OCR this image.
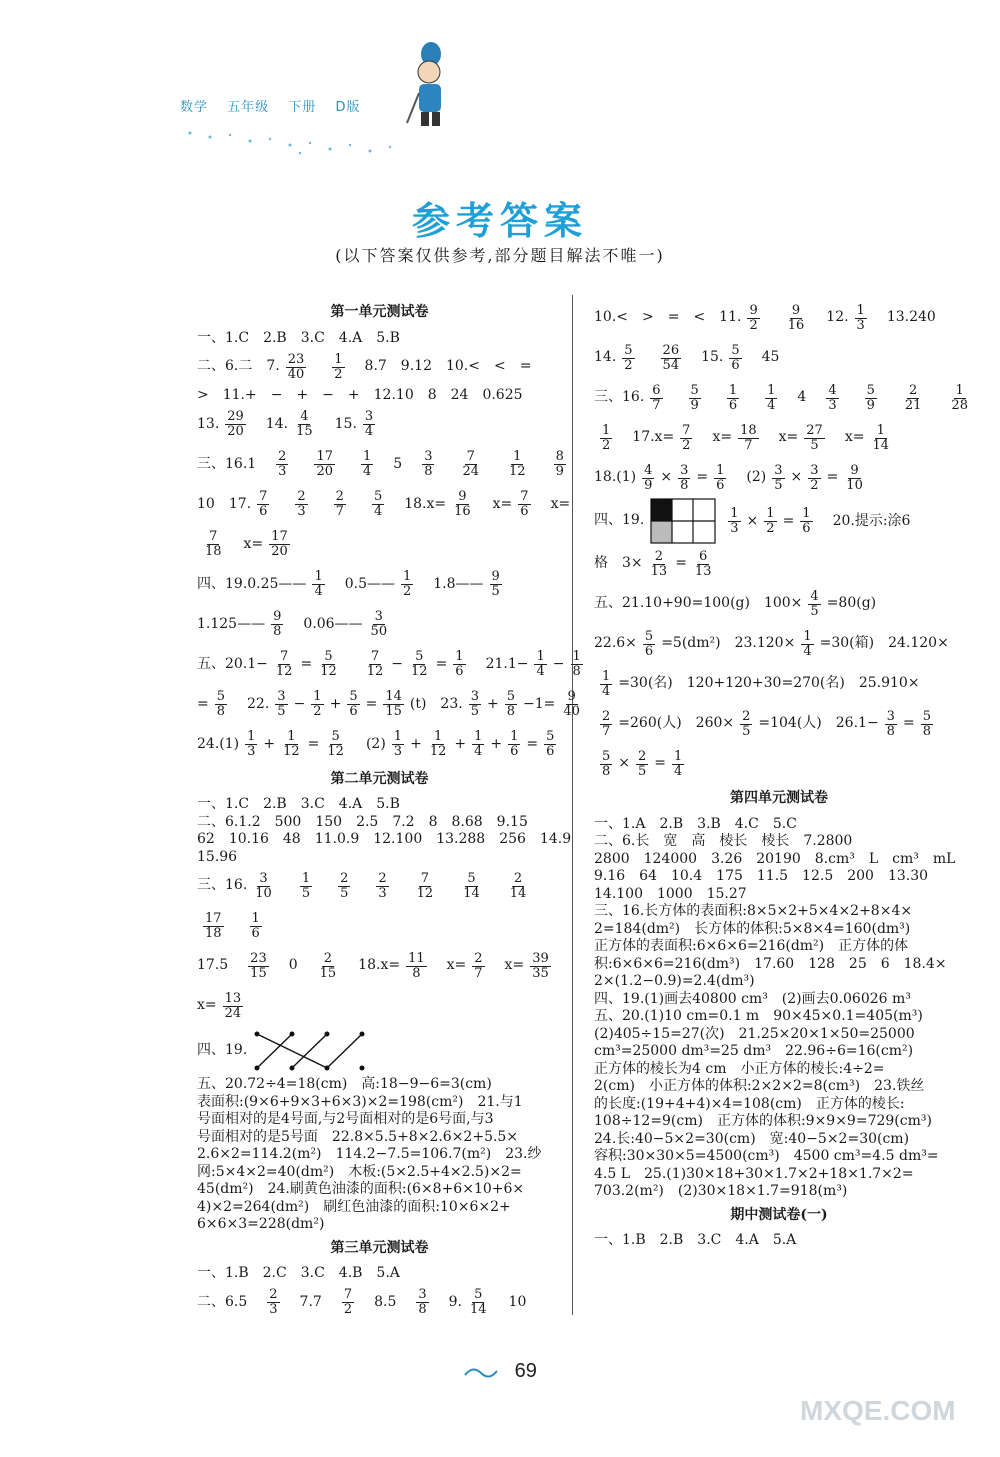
数学 五年级 下册 D版
参考答案
(以下答案仅供参考,部分题目解法不唯一)
第一单元测试卷

一、1.C　2.B　3.C　4.A　5.B

二、6.二　7. $\frac{23}{40}$
　 $\frac{1}{2}$ 　8.7　9.12　10.<　<　=

>　11.+　−　+　−　+　12.10　8　24　0.625

13. $\frac{29}{20}$ 　14. $\frac{4}{15}$ 　15. $\frac{3}{4}$

三、16.1　 $\frac{2}{3}$
　 $\frac{17}{20}$
　 $\frac{1}{4}$ 　5　 $\frac{3}{8}$
　 $\frac{7}{24}$
　 $\frac{1}{12}$
　 $\frac{8}{9}$

10　17. $\frac{7}{6}$
　 $\frac{2}{3}$
　 $\frac{2}{7}$
　 $\frac{5}{4}$ 　$18.x= \frac{9}{16}$ 　$x= \frac{7}{6}$ 　x=

$\frac{7}{18}$ 　$x= \frac{17}{20}$

四、19.0.25—— $\frac{1}{4}$ 　0.5—— $\frac{1}{2}$ 　1.8—— $\frac{9}{5}$

1.125—— $\frac{9}{8}$ 　0.06—— $\frac{3}{50}$

五、$20.1- \frac{7}{12} = \frac{5}{12}$
　 $\frac{7}{12} - \frac{5}{12} = \frac{1}{6}$ 　$21.1- \frac{1}{4} - \frac{1}{8}$

= $\frac{5}{8}$ 　22. $\frac{3}{5} - \frac{1}{2} + \frac{5}{6} = \frac{14}{15} (t)$　23. $\frac{3}{5} + \frac{5}{8} -1= \frac{9}{40}$

$24.(1) \frac{1}{3} + \frac{1}{12} = \frac{5}{12}$ 　$(2) \frac{1}{3} + \frac{1}{12} + \frac{1}{4} + \frac{1}{6} = \frac{5}{6}$

第二单元测试卷

一、1.C　2.B　3.C　4.A　5.B

二、6.1.2　500　150　2.5　7.2　8　8.68　9.15

62　10.16　48　11.0.9　12.100　13.288　256　14.9

15.96

三、16. $\frac{3}{10}$
　 $\frac{1}{5}$
　 $\frac{2}{5}$
　 $\frac{2}{3}$
　 $\frac{7}{12}$
　 $\frac{5}{14}$
　 $\frac{2}{14}$

$\frac{17}{18}$
　 $\frac{1}{6}$

17.5　 $\frac{23}{15}$ 　0　 $\frac{2}{15}$ 　$18.x= \frac{11}{8}$ 　$x= \frac{2}{7}$ 　$x= \frac{39}{35}$

$x= \frac{13}{24}$

四、19.

五、20.72÷4=18(cm)　高:18−9−6=3(cm)

表面积:(9×6+9×3+6×3)×2=198(cm²)　21.与1

号面相对的是4号面,与2号面相对的是6号面,与3

号面相对的是5号面　22.8×5.5+8×2.6×2+5.5×

2.6×2=114.2(m²)　114.2−7.5=106.7(m²)　23.纱

网:5×4×2=40(dm²)　木板:(5×2.5+4×2.5)×2=

45(dm²)　24.刷黄色油漆的面积:(6×8+6×10+6×

4)×2=264(dm²)　刷红色油漆的面积:10×6×2+

6×6×3=228(dm²)

第三单元测试卷

一、1.B　2.C　3.C　4.B　5.A

二、6.5　 $\frac{2}{3}$ 　7.7　 $\frac{7}{2}$ 　8.5　 $\frac{3}{8}$ 　9. $\frac{5}{14}$ 　10

10.<　>　=　<　11. $\frac{9}{2}$
　 $\frac{9}{16}$ 　12. $\frac{1}{3}$ 　13.240

14. $\frac{5}{2}$
　 $\frac{26}{54}$ 　15. $\frac{5}{6}$ 　45

三、16. $\frac{6}{7}$
　 $\frac{5}{9}$
　 $\frac{1}{6}$
　 $\frac{1}{4}$ 　4　 $\frac{4}{3}$
　 $\frac{5}{9}$
　 $\frac{2}{21}$
　 $\frac{1}{28}$

$\frac{1}{2}$ 　$17.x= \frac{7}{2}$ 　$x= \frac{18}{7}$ 　$x= \frac{27}{5}$ 　$x= \frac{1}{14}$

$18.(1) \frac{4}{9} \times \frac{3}{8} = \frac{1}{6}$ 　$(2) \frac{3}{5} \times \frac{3}{2} = \frac{9}{10}$

四、19.	$\frac{1}{3} \times \frac{1}{2} = \frac{1}{6}$ 　20.提示:涂6

格　$3\times \frac{2}{13} = \frac{6}{13}$

五、21.10+90=100(g)　$100\times \frac{4}{5} =80(g)$

$22.6\times \frac{5}{6} =5(dm^2)$　$23.120\times \frac{1}{4} =30$(箱)　24.120×

$\frac{1}{4} =30$(名)　120+120+30=270(名)　25.910×

$\frac{2}{7} =260$(人)　$260\times \frac{2}{5} =104$(人)　$26.1- \frac{3}{8} = \frac{5}{8}$

$\frac{5}{8} \times \frac{2}{5} = \frac{1}{4}$

第四单元测试卷

一、1.A　2.B　3.B　4.C　5.C

二、6.长　宽　高　棱长　棱长　7.2800

2800　124000　3.26　20190　8.cm³　L　cm³　mL

9.16　64　10.4　175　11.5　12.5　200　13.30

14.100　1000　15.27

三、16.长方体的表面积:8×5×2+5×4×2+8×4×

2=184(dm²)　长方体的体积:5×8×4=160(dm³)

正方体的表面积:6×6×6=216(dm²)　正方体的体

积:6×6×6=216(dm³)　17.60　128　25　6　18.4×

2×(1.2−0.9)=2.4(dm³)

四、19.(1)画去40800 cm³　(2)画去0.06026 m³

五、20.(1)10 cm=0.1 m　90×45×0.1=405(m³)

(2)405÷15=27(次)　21.25×20×1×50=25000

cm³=25000 dm³=25 dm³　22.96÷6=16(cm²)

正方体的棱长为4 cm　小正方体的棱长:4÷2=

2(cm)　小正方体的体积:2×2×2=8(cm³)　23.铁丝

的长度:(19+4+4)×4=108(cm)　正方体的棱长:

108÷12=9(cm)　正方体的体积:9×9×9=729(cm³)

24.长:40−5×2=30(cm)　宽:40−5×2=30(cm)

容积:30×30×5=4500(cm³)　4500 cm³=4.5 dm³=

4.5 L　25.(1)30×18+30×1.7×2+18×1.7×2=

703.2(m²)　(2)30×18×1.7=918(m³)

期中测试卷(一)

一、1.B　2.B　3.C　4.A　5.A

69
MXQE.COM
